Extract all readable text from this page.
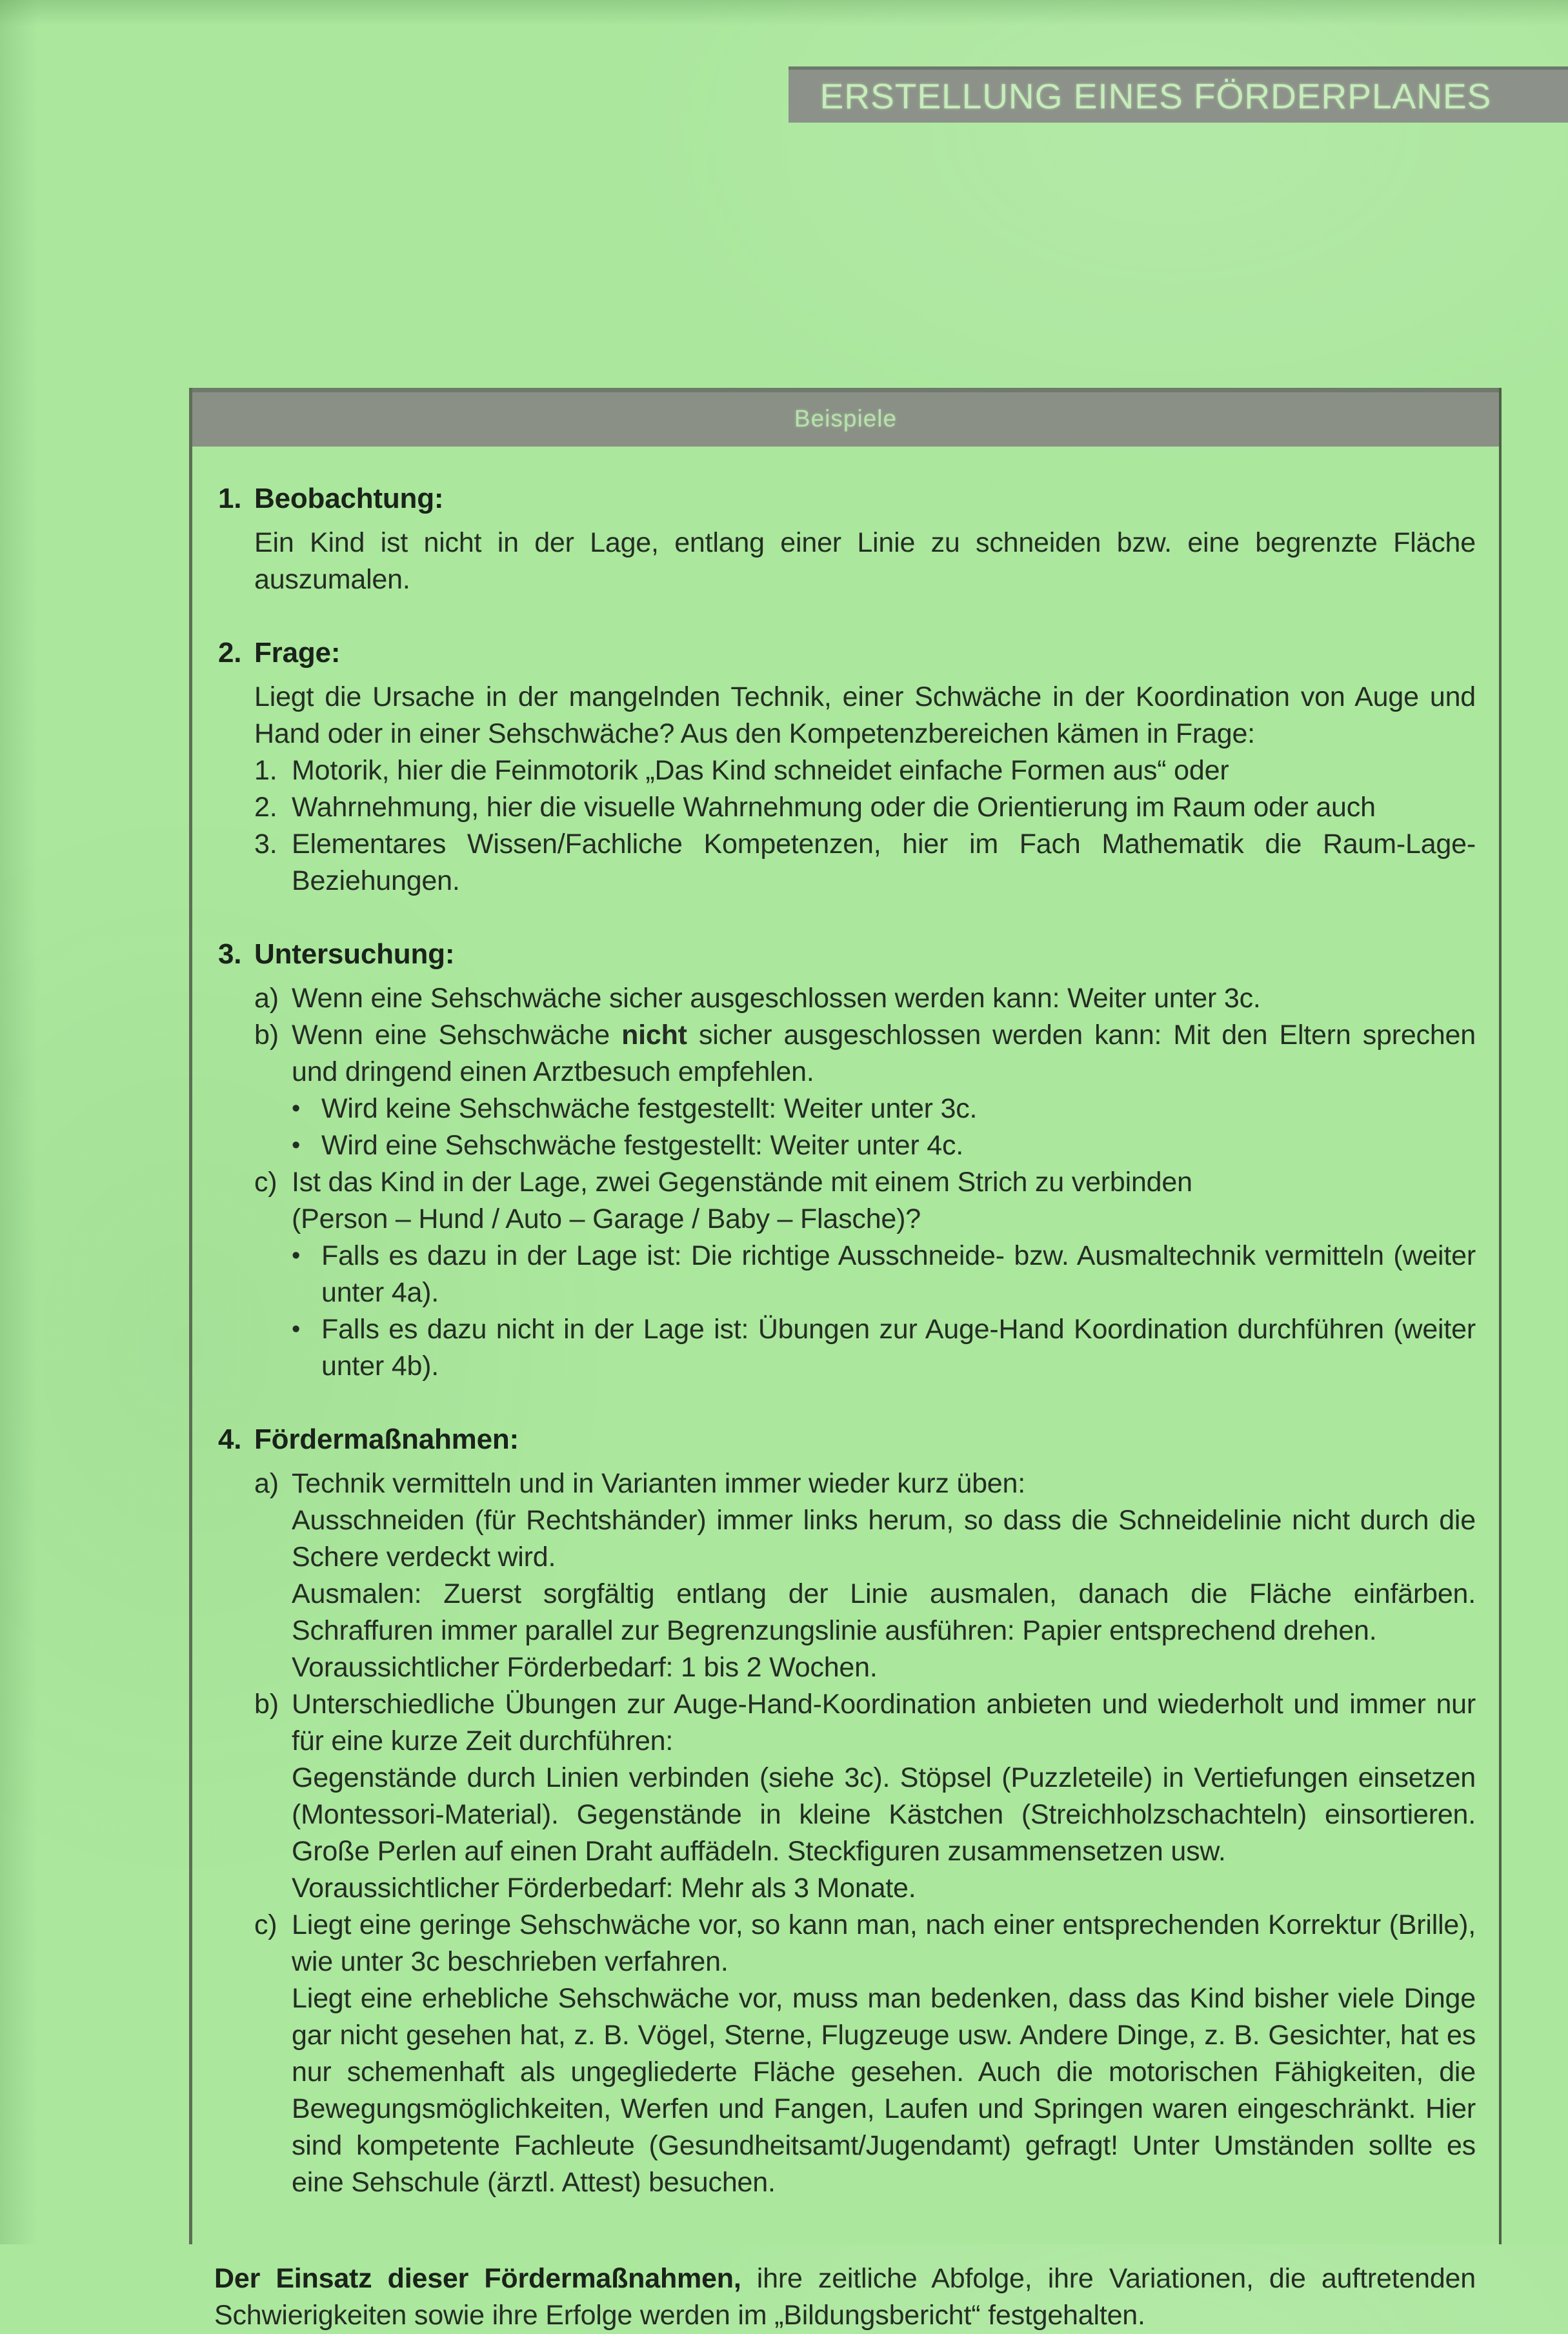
ERSTELLUNG EINES FÖRDERPLANES
Beispiele
1. Beobachtung:
Ein Kind ist nicht in der Lage, entlang einer Linie zu schneiden bzw. eine begrenzte Fläche auszumalen.
2. Frage:
Liegt die Ursache in der mangelnden Technik, einer Schwäche in der Koordination von Auge und Hand oder in einer Sehschwäche? Aus den Kompetenzbereichen kämen in Frage:
1. Motorik, hier die Feinmotorik „Das Kind schneidet einfache Formen aus“ oder
2. Wahrnehmung, hier die visuelle Wahrnehmung oder die Orientierung im Raum oder auch
3. Elementares Wissen/Fachliche Kompetenzen, hier im Fach Mathematik die Raum-Lage-Beziehungen.
3. Untersuchung:
a) Wenn eine Sehschwäche sicher ausgeschlossen werden kann: Weiter unter 3c.
b) Wenn eine Sehschwäche nicht sicher ausgeschlossen werden kann: Mit den Eltern sprechen und dringend einen Arztbesuch empfehlen.
• Wird keine Sehschwäche festgestellt: Weiter unter 3c.
• Wird eine Sehschwäche festgestellt: Weiter unter 4c.
c) Ist das Kind in der Lage, zwei Gegenstände mit einem Strich zu verbinden
(Person – Hund / Auto – Garage / Baby – Flasche)?
• Falls es dazu in der Lage ist: Die richtige Ausschneide- bzw. Ausmaltechnik vermitteln (weiter unter 4a).
• Falls es dazu nicht in der Lage ist: Übungen zur Auge-Hand Koordination durchführen (weiter unter 4b).
4. Fördermaßnahmen:
a) Technik vermitteln und in Varianten immer wieder kurz üben:
Ausschneiden (für Rechtshänder) immer links herum, so dass die Schneidelinie nicht durch die Schere verdeckt wird.
Ausmalen: Zuerst sorgfältig entlang der Linie ausmalen, danach die Fläche einfärben. Schraffuren immer parallel zur Begrenzungslinie ausführen: Papier entsprechend drehen.
Voraussichtlicher Förderbedarf: 1 bis 2 Wochen.
b) Unterschiedliche Übungen zur Auge-Hand-Koordination anbieten und wiederholt und immer nur für eine kurze Zeit durchführen:
Gegenstände durch Linien verbinden (siehe 3c). Stöpsel (Puzzleteile) in Vertiefungen einsetzen (Montessori-Material). Gegenstände in kleine Kästchen (Streichholzschachteln) einsortieren. Große Perlen auf einen Draht auffädeln. Steckfiguren zusammensetzen usw.
Voraussichtlicher Förderbedarf: Mehr als 3 Monate.
c) Liegt eine geringe Sehschwäche vor, so kann man, nach einer entsprechenden Korrektur (Brille), wie unter 3c beschrieben verfahren.
Liegt eine erhebliche Sehschwäche vor, muss man bedenken, dass das Kind bisher viele Dinge gar nicht gesehen hat, z. B. Vögel, Sterne, Flugzeuge usw. Andere Dinge, z. B. Gesichter, hat es nur schemenhaft als ungegliederte Fläche gesehen. Auch die motorischen Fähigkeiten, die Bewegungsmöglichkeiten, Werfen und Fangen, Laufen und Springen waren eingeschränkt. Hier sind kompetente Fachleute (Gesundheitsamt/Jugendamt) gefragt! Unter Umständen sollte es eine Sehschule (ärztl. Attest) besuchen.

Der Einsatz dieser Fördermaßnahmen, ihre zeitliche Abfolge, ihre Variationen, die auftretenden Schwierigkeiten sowie ihre Erfolge werden im „Bildungsbericht“ festgehalten.
